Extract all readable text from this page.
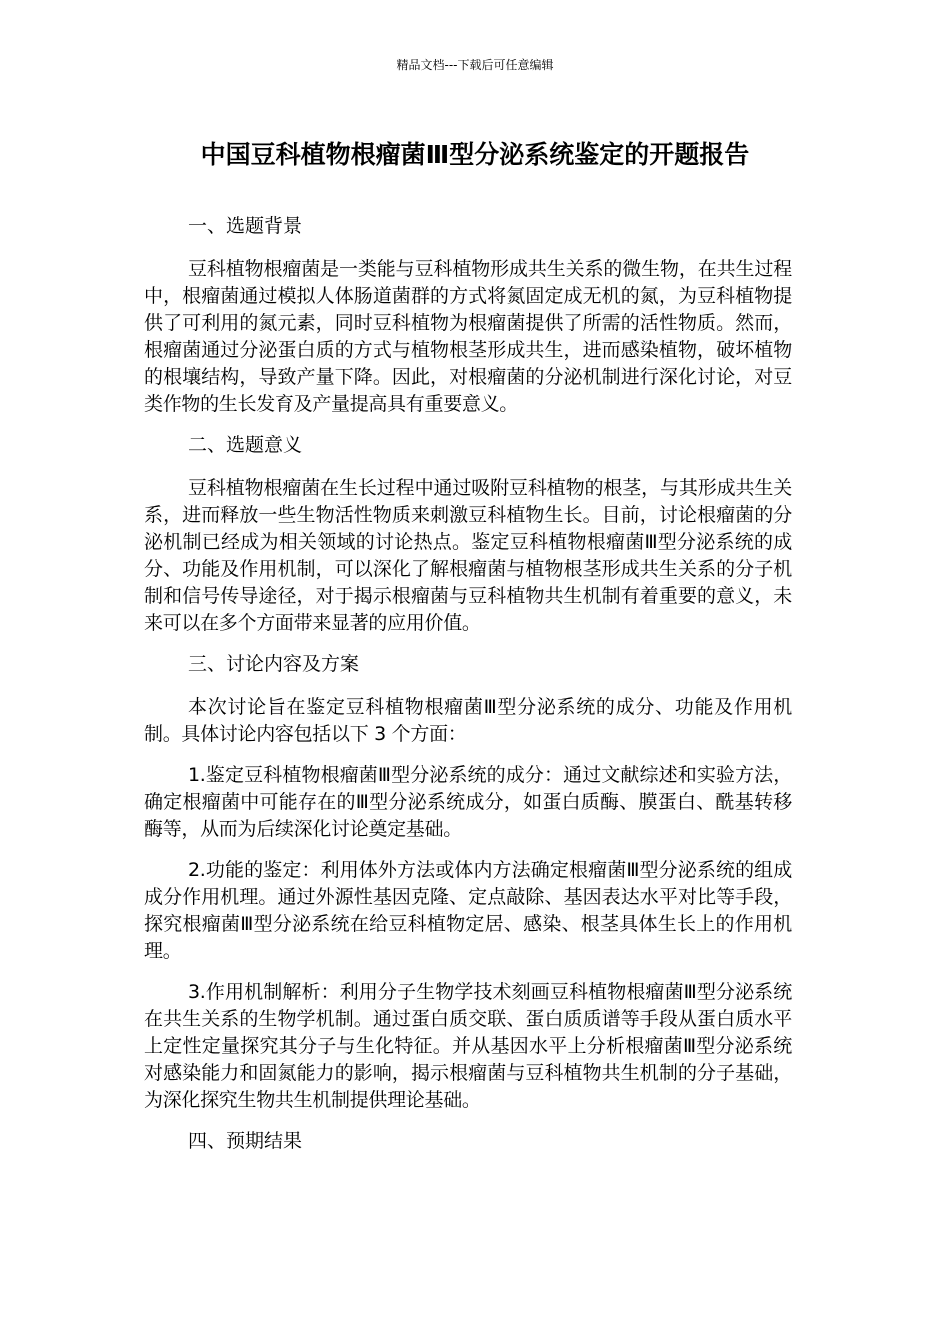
精品文档---下载后可任意编辑
中国豆科植物根瘤菌Ⅲ型分泌系统鉴定的开题报告
一、选题背景

豆科植物根瘤菌是一类能与豆科植物形成共生关系的微生物，在共生过程中，根瘤菌通过模拟人体肠道菌群的方式将氮固定成无机的氮，为豆科植物提供了可利用的氮元素，同时豆科植物为根瘤菌提供了所需的活性物质。然而，根瘤菌通过分泌蛋白质的方式与植物根茎形成共生，进而感染植物，破坏植物的根壤结构，导致产量下降。因此，对根瘤菌的分泌机制进行深化讨论，对豆类作物的生长发育及产量提高具有重要意义。

二、选题意义

豆科植物根瘤菌在生长过程中通过吸附豆科植物的根茎，与其形成共生关系，进而释放一些生物活性物质来刺激豆科植物生长。目前，讨论根瘤菌的分泌机制已经成为相关领域的讨论热点。鉴定豆科植物根瘤菌Ⅲ型分泌系统的成分、功能及作用机制，可以深化了解根瘤菌与植物根茎形成共生关系的分子机制和信号传导途径，对于揭示根瘤菌与豆科植物共生机制有着重要的意义，未来可以在多个方面带来显著的应用价值。

三、讨论内容及方案

本次讨论旨在鉴定豆科植物根瘤菌Ⅲ型分泌系统的成分、功能及作用机制。具体讨论内容包括以下 3 个方面：

1.鉴定豆科植物根瘤菌Ⅲ型分泌系统的成分：通过文献综述和实验方法，确定根瘤菌中可能存在的Ⅲ型分泌系统成分，如蛋白质酶、膜蛋白、酰基转移酶等，从而为后续深化讨论奠定基础。

2.功能的鉴定：利用体外方法或体内方法确定根瘤菌Ⅲ型分泌系统的组成成分作用机理。通过外源性基因克隆、定点敲除、基因表达水平对比等手段，探究根瘤菌Ⅲ型分泌系统在给豆科植物定居、感染、根茎具体生长上的作用机理。

3.作用机制解析：利用分子生物学技术刻画豆科植物根瘤菌Ⅲ型分泌系统在共生关系的生物学机制。通过蛋白质交联、蛋白质质谱等手段从蛋白质水平上定性定量探究其分子与生化特征。并从基因水平上分析根瘤菌Ⅲ型分泌系统对感染能力和固氮能力的影响，揭示根瘤菌与豆科植物共生机制的分子基础，为深化探究生物共生机制提供理论基础。

四、预期结果
